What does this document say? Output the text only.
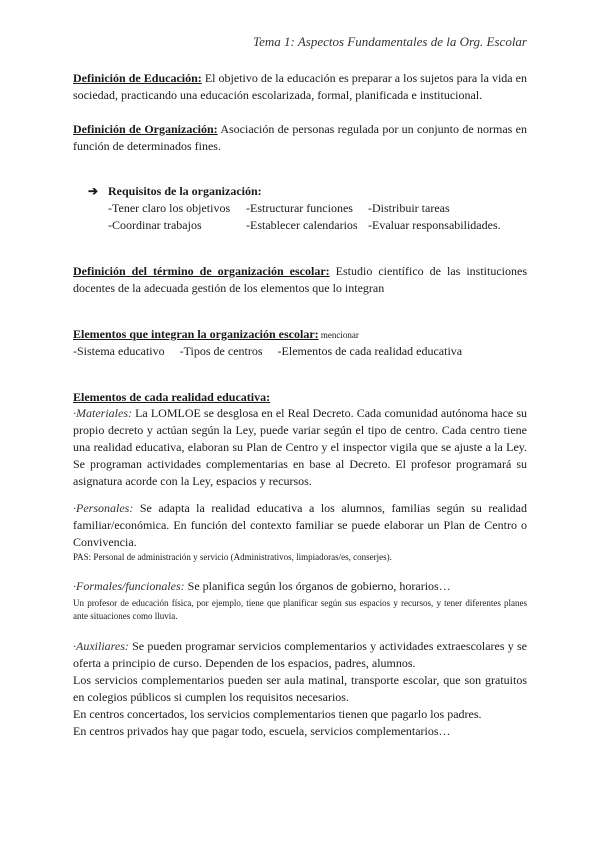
Tema 1: Aspectos Fundamentales de la Org. Escolar
Definición de Educación: El objetivo de la educación es preparar a los sujetos para la vida en sociedad, practicando una educación escolarizada, formal, planificada e institucional.
Definición de Organización: Asociación de personas regulada por un conjunto de normas en función de determinados fines.
➔ Requisitos de la organización:
-Tener claro los objetivos	-Estructurar funciones	-Distribuir tareas
-Coordinar trabajos	-Establecer calendarios -Evaluar responsabilidades.
Definición del término de organización escolar: Estudio científico de las instituciones docentes de la adecuada gestión de los elementos que lo integran
Elementos que integran la organización escolar: mencionar
-Sistema educativo -Tipos de centros -Elementos de cada realidad educativa
Elementos de cada realidad educativa:
·Materiales: La LOMLOE se desglosa en el Real Decreto. Cada comunidad autónoma hace su propio decreto y actúan según la Ley, puede variar según el tipo de centro. Cada centro tiene una realidad educativa, elaboran su Plan de Centro y el inspector vigila que se ajuste a la Ley. Se programan actividades complementarias en base al Decreto. El profesor programará su asignatura acorde con la Ley, espacios y recursos.
·Personales: Se adapta la realidad educativa a los alumnos, familias según su realidad familiar/económica. En función del contexto familiar se puede elaborar un Plan de Centro o Convivencia.
PAS: Personal de administración y servicio (Administrativos, limpiadoras/es, conserjes).
·Formales/funcionales: Se planifica según los órganos de gobierno, horarios…
Un profesor de educación física, por ejemplo, tiene que planificar según sus espacios y recursos, y tener diferentes planes ante situaciones como lluvia.
·Auxiliares: Se pueden programar servicios complementarios y actividades extraescolares y se oferta a principio de curso. Dependen de los espacios, padres, alumnos.
Los servicios complementarios pueden ser aula matinal, transporte escolar, que son gratuitos en colegios públicos si cumplen los requisitos necesarios.
En centros concertados, los servicios complementarios tienen que pagarlo los padres.
En centros privados hay que pagar todo, escuela, servicios complementarios…
